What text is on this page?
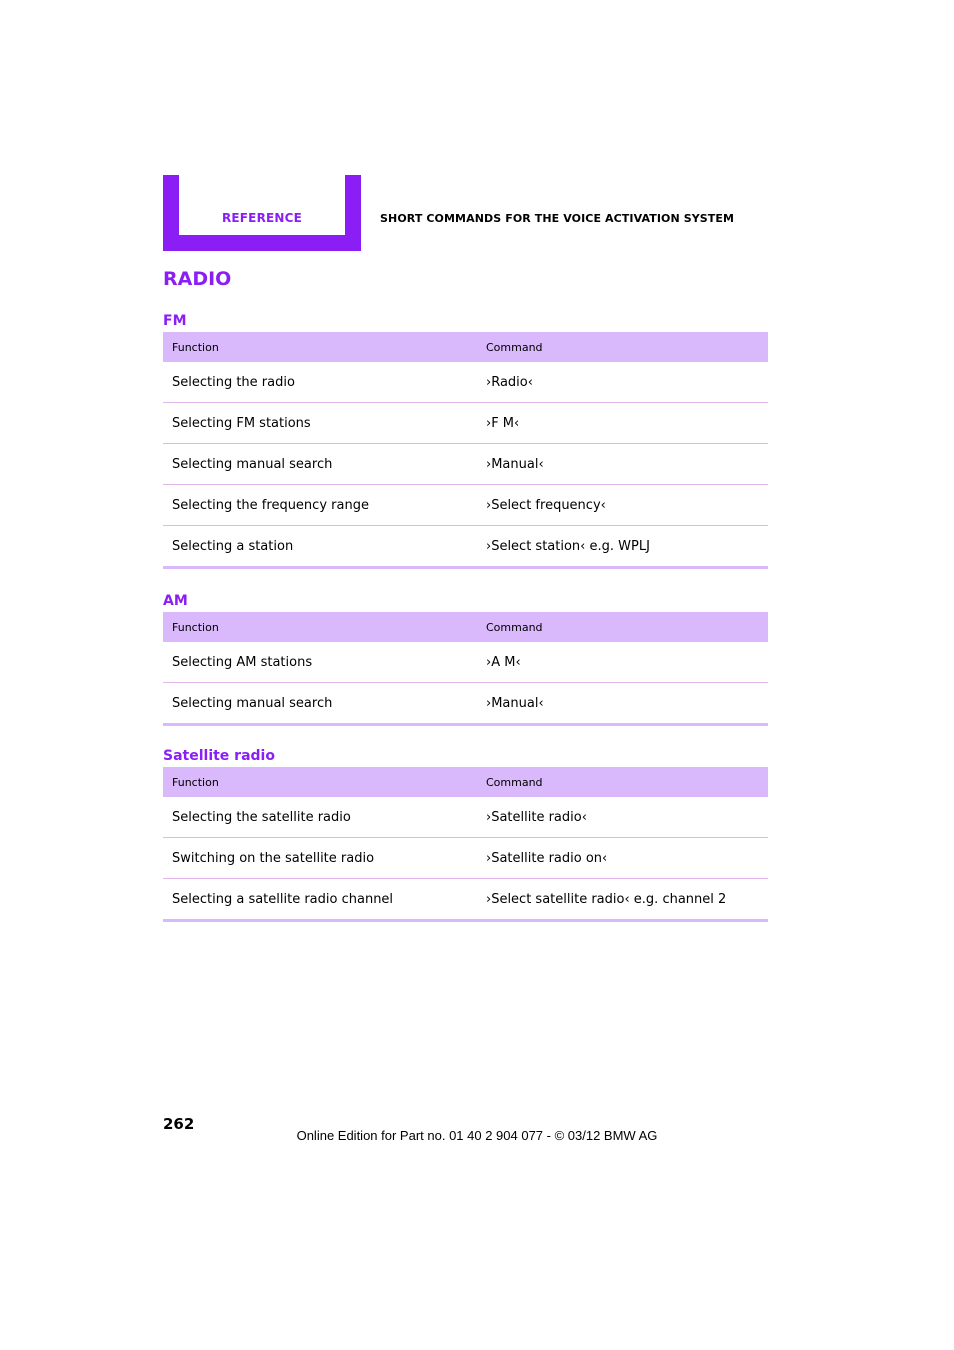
REFERENCE	SHORT COMMANDS FOR THE VOICE ACTIVATION SYSTEM
RADIO
FM
Function	Command
Selecting the radio	›Radio‹
Selecting FM stations	›F M‹
Selecting manual search	›Manual‹
Selecting the frequency range	›Select frequency‹
Selecting a station	›Select station‹ e.g. WPLJ
AM
Function	Command
Selecting AM stations	›A M‹
Selecting manual search	›Manual‹
Satellite radio
Function	Command
Selecting the satellite radio	›Satellite radio‹
Switching on the satellite radio	›Satellite radio on‹
Selecting a satellite radio channel	›Select satellite radio‹ e.g. channel 2
262
Online Edition for Part no. 01 40 2 904 077 - © 03/12 BMW AG
